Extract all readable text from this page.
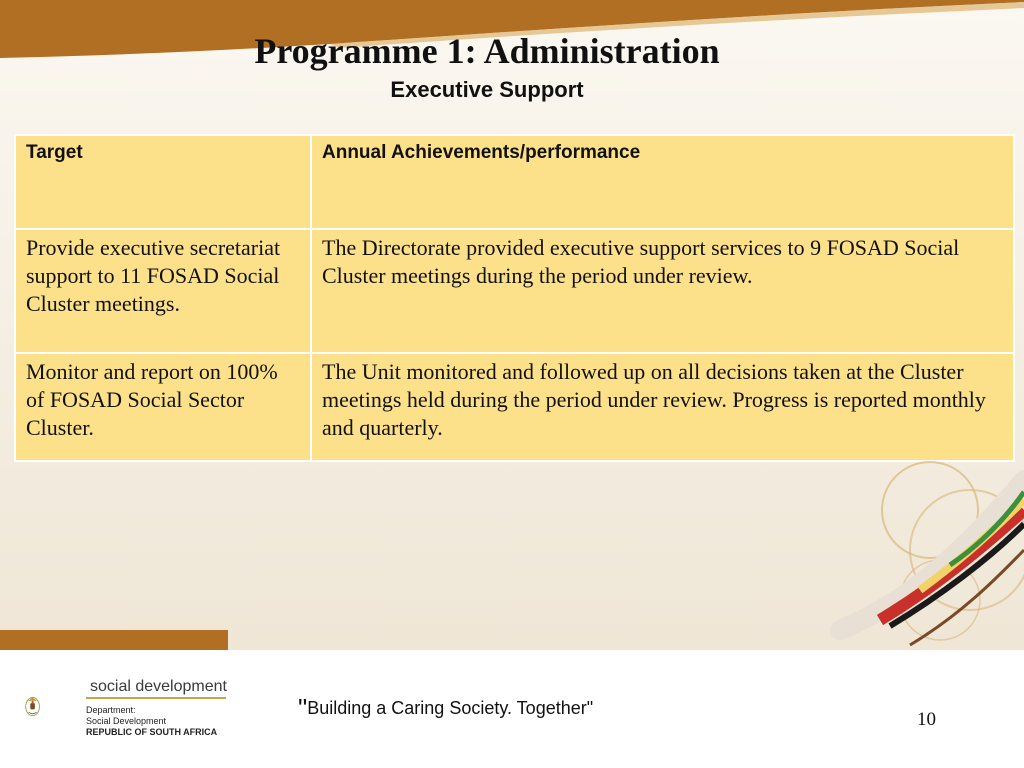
Programme 1: Administration
Executive Support
Target	Annual Achievements/performance
Provide executive secretariat support to 11 FOSAD Social Cluster meetings.	The Directorate provided executive support services to 9 FOSAD Social Cluster meetings during the period under review.
Monitor and report on 100% of FOSAD Social Sector Cluster.	The Unit monitored and followed up on all decisions taken at the Cluster meetings held during the period under review. Progress is reported monthly and quarterly.
social development
Department:
Social Development
REPUBLIC OF SOUTH AFRICA
"Building a Caring Society. Together"
10
